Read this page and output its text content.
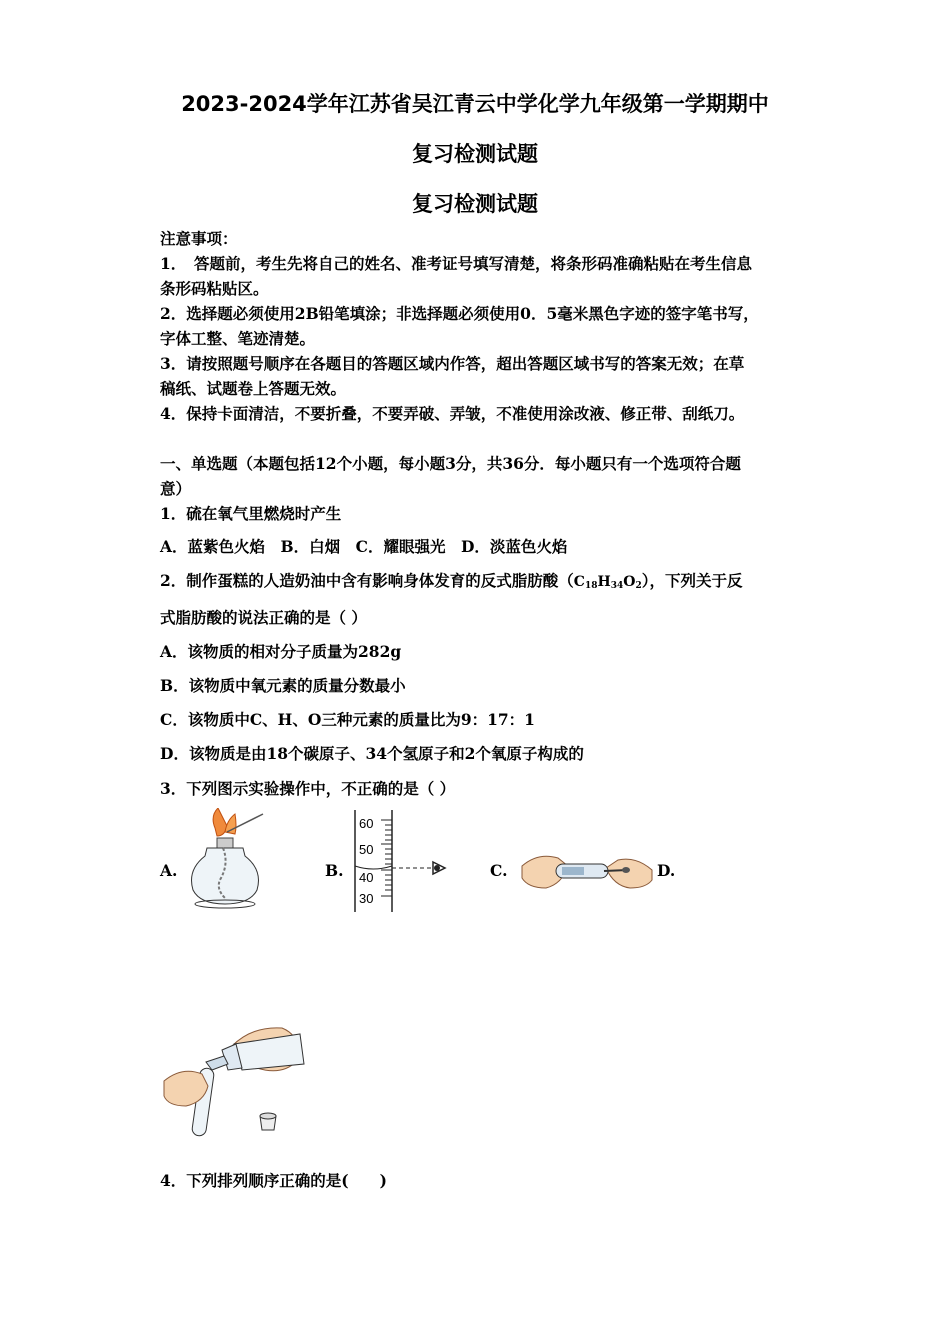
2023-2024学年江苏省吴江青云中学化学九年级第一学期期中
复习检测试题
复习检测试题
注意事项：
1．　答题前，考生先将自己的姓名、准考证号填写清楚，将条形码准确粘贴在考生信息
条形码粘贴区。
2．选择题必须使用2B铅笔填涂；非选择题必须使用0．5毫米黑色字迹的签字笔书写，
字体工整、笔迹清楚。
3．请按照题号顺序在各题目的答题区域内作答，超出答题区域书写的答案无效；在草
稿纸、试题卷上答题无效。
4．保持卡面清洁，不要折叠，不要弄破、弄皱，不准使用涂改液、修正带、刮纸刀。
一、单选题（本题包括12个小题，每小题3分，共36分．每小题只有一个选项符合题
意）
1．硫在氧气里燃烧时产生
A．蓝紫色火焰　B．白烟　C．耀眼强光　D．淡蓝色火焰
2．制作蛋糕的人造奶油中含有影响身体发育的反式脂肪酸$(C_{18}H_{34}O_2)$，下列关于反
式脂肪酸的说法正确的是（ ）
A．该物质的相对分子质量为282g
B．该物质中氧元素的质量分数最小
C．该物质中C、H、O三种元素的质量比为9：17：1
D．该物质是由18个碳原子、34个氢原子和2个氧原子构成的
3．下列图示实验操作中，不正确的是（ ）
A.	B.	C.	D.
60
50
40
30
4．下列排列顺序正确的是(　　)
